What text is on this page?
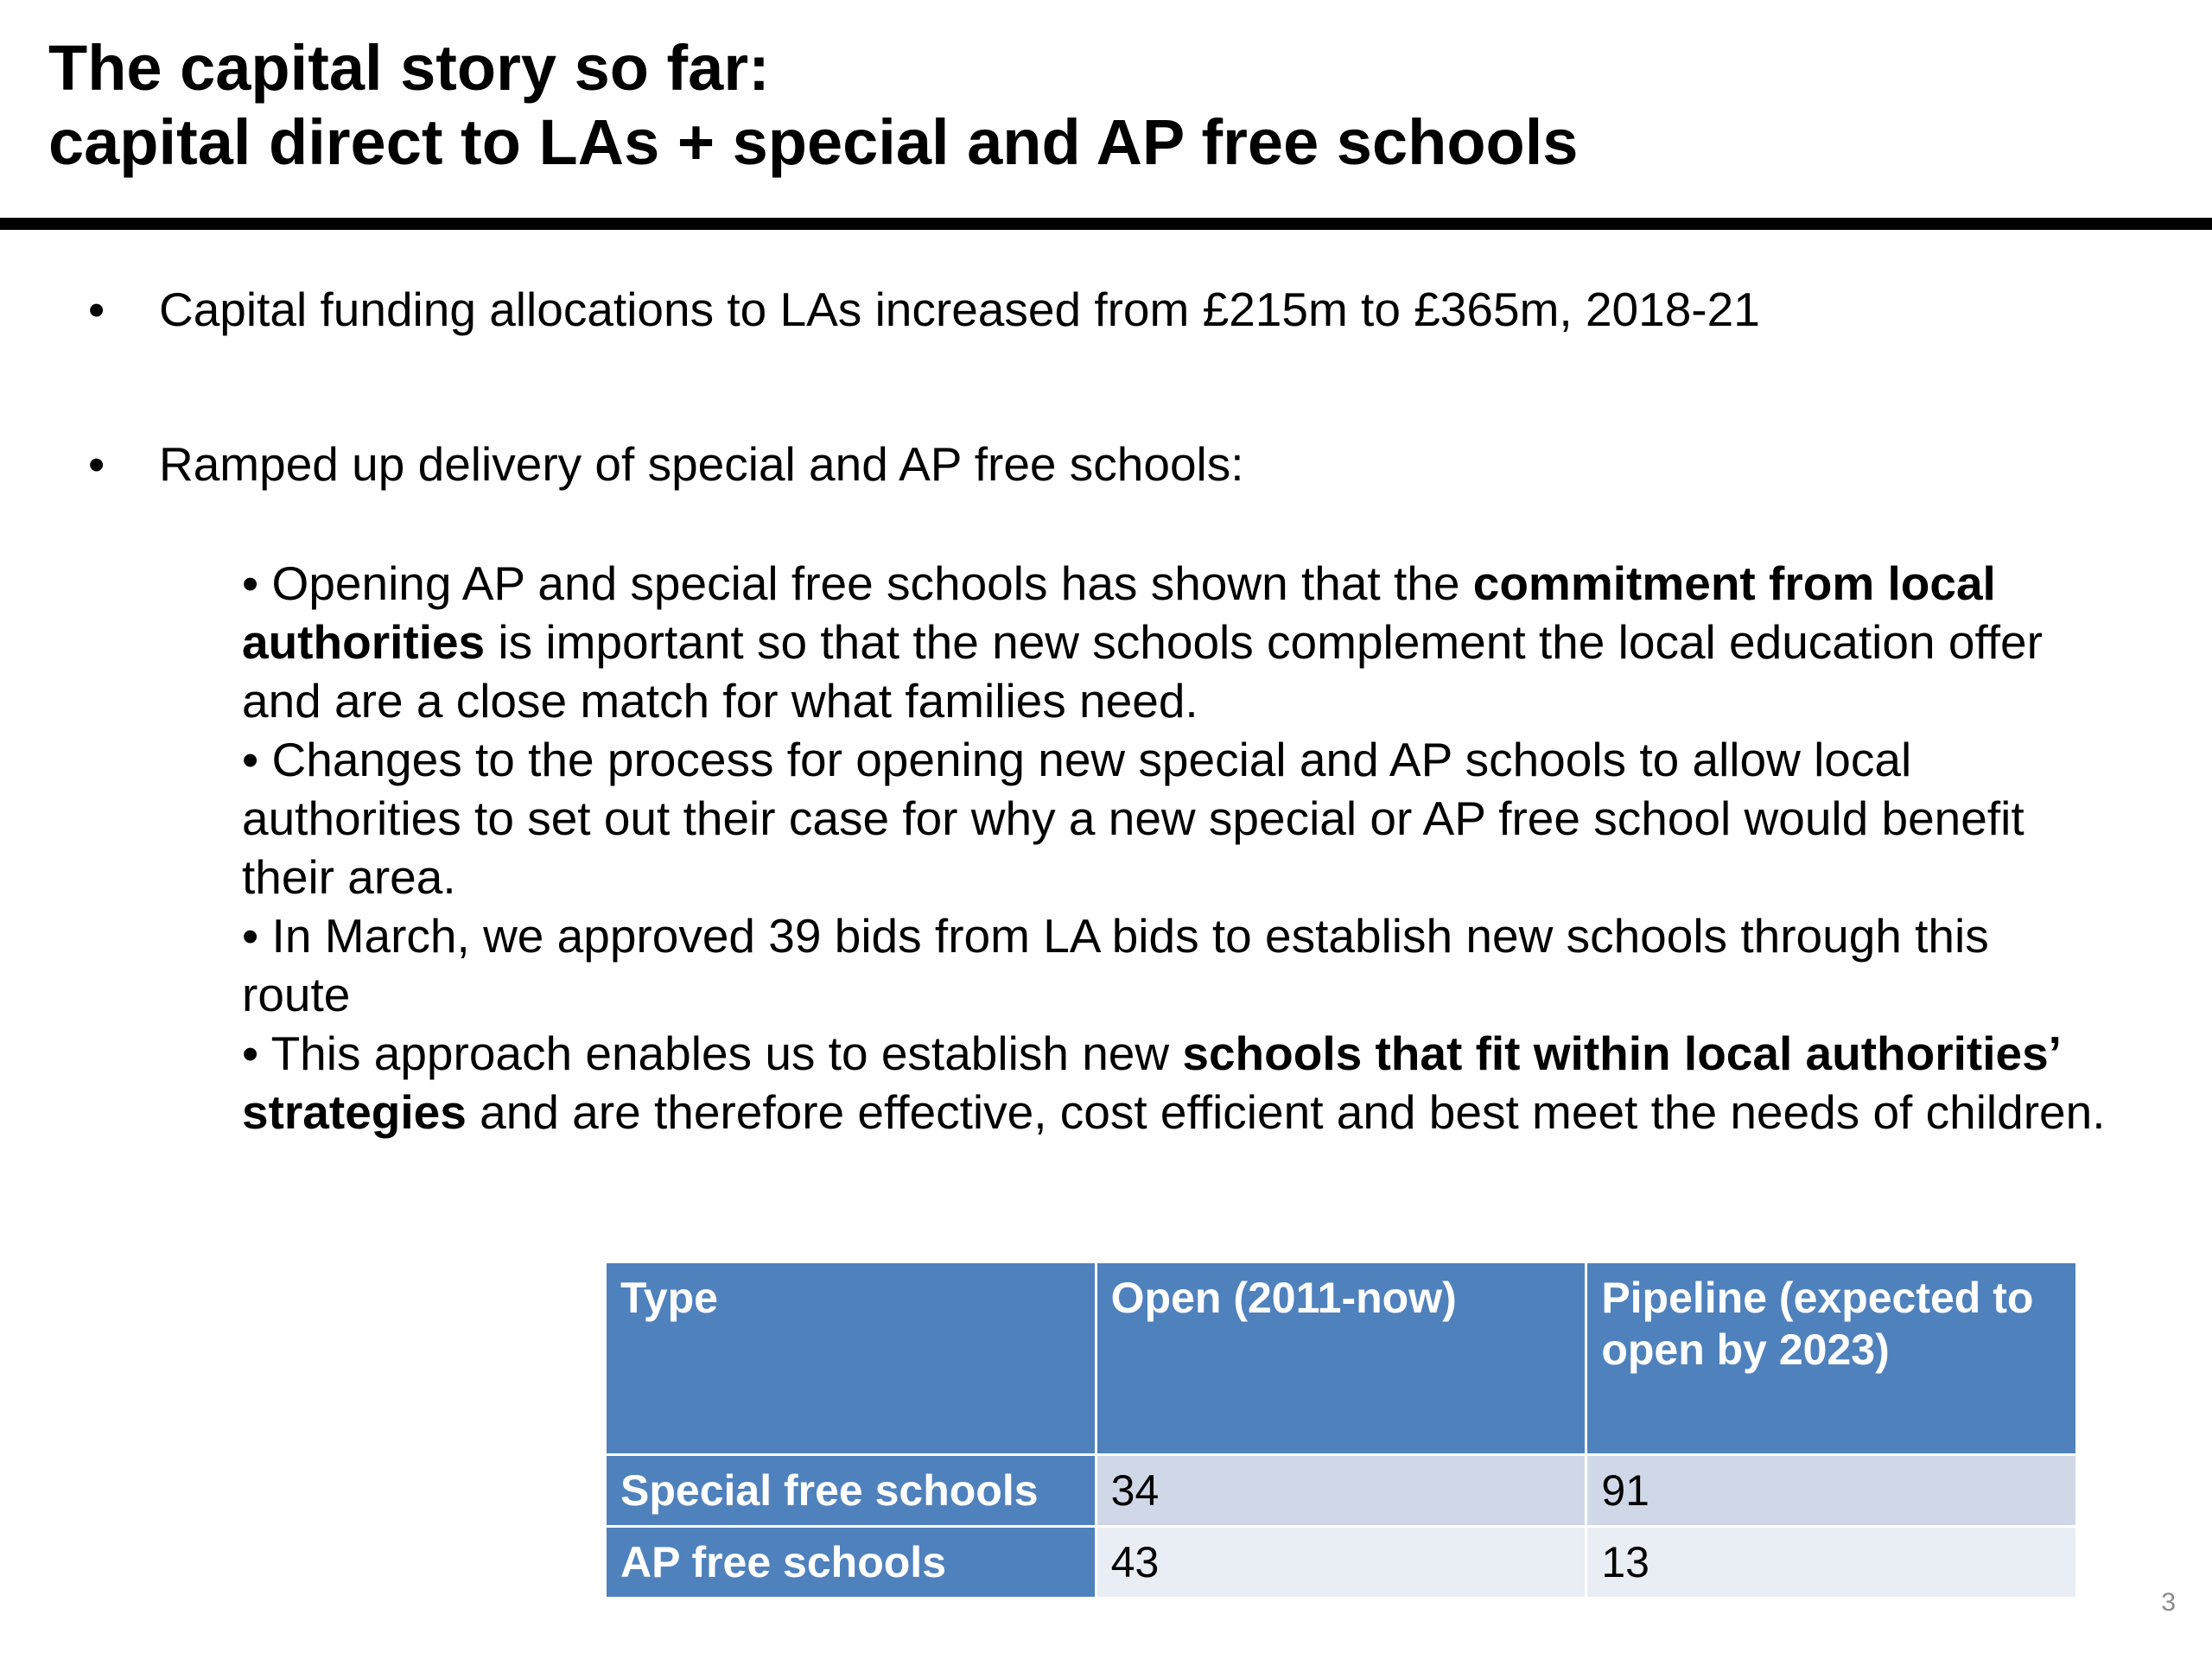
The capital story so far:
capital direct to LAs + special and AP free schools
• Capital funding allocations to LAs increased from £215m to £365m, 2018-21
• Ramped up delivery of special and AP free schools:
• Opening AP and special free schools has shown that the commitment from local authorities is important so that the new schools complement the local education offer and are a close match for what families need.
• Changes to the process for opening new special and AP schools to allow local authorities to set out their case for why a new special or AP free school would benefit their area.
• In March, we approved 39 bids from LA bids to establish new schools through this route
• This approach enables us to establish new schools that fit within local authorities’ strategies and are therefore effective, cost efficient and best meet the needs of children.
Type	Open (2011-now)	Pipeline (expected to open by 2023)
Special free schools	34	91
AP free schools	43	13
3
